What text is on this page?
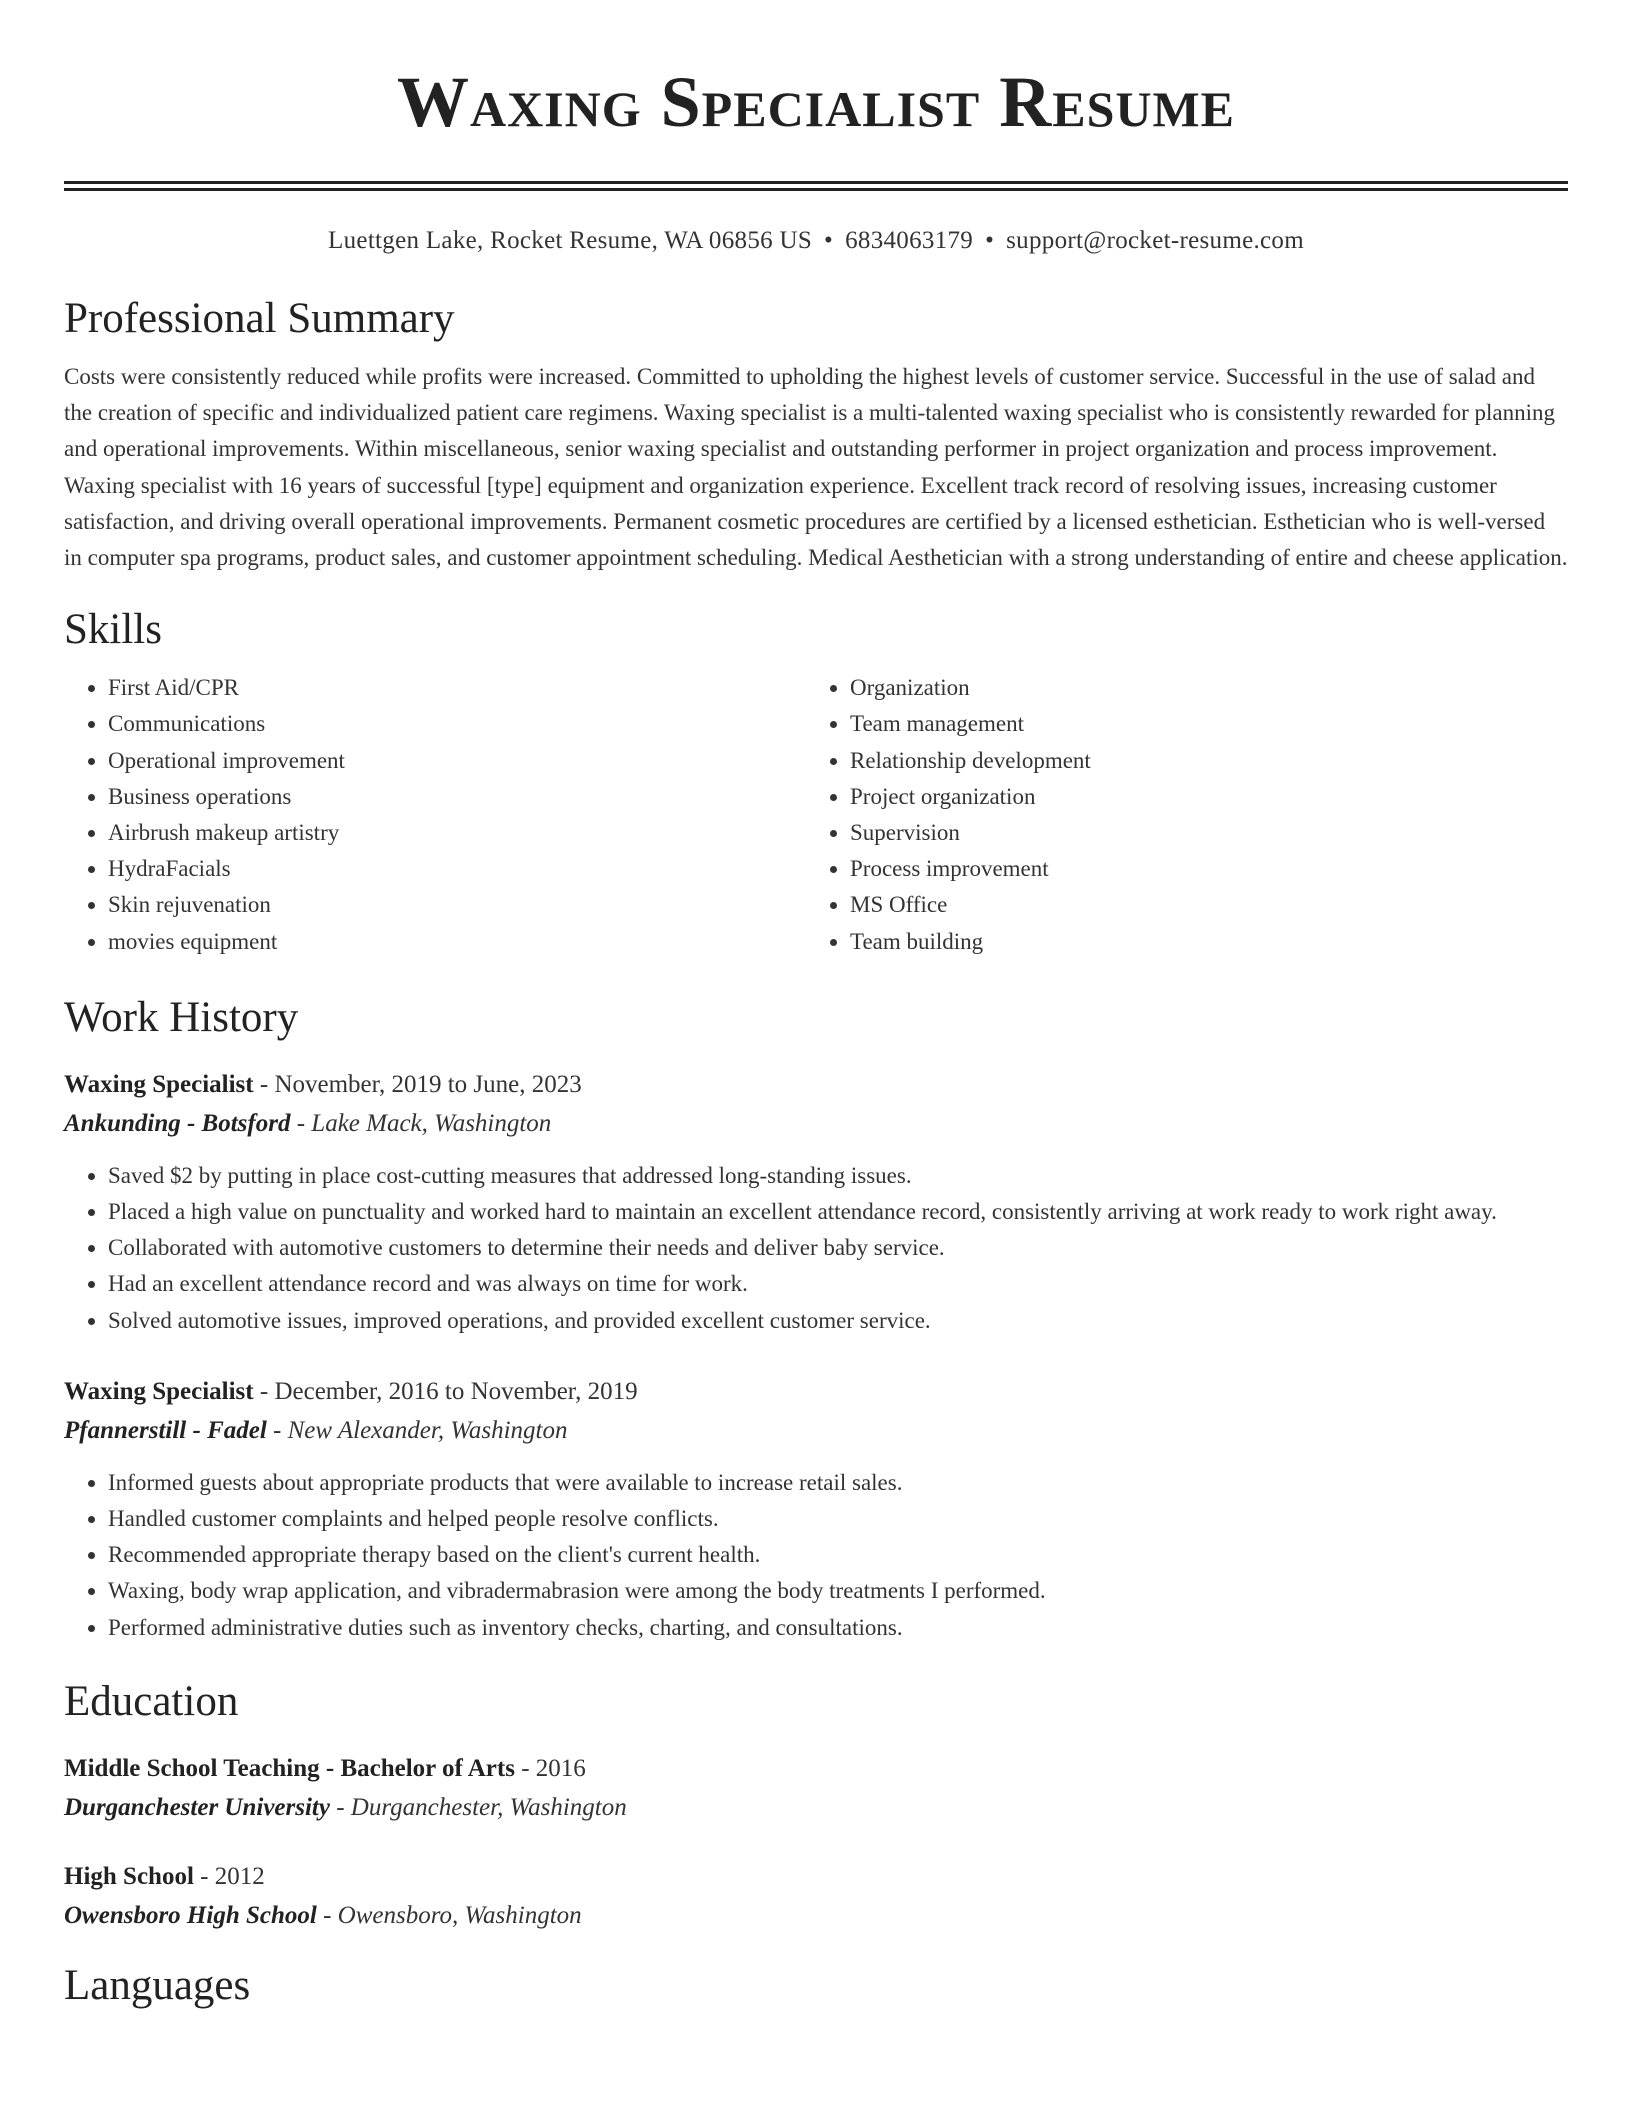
Waxing Specialist Resume
Luettgen Lake, Rocket Resume, WA 06856 US • 6834063179 • support@rocket-resume.com
Professional Summary

Costs were consistently reduced while profits were increased. Committed to upholding the highest levels of customer service. Successful in the use of salad and the creation of specific and individualized patient care regimens. Waxing specialist is a multi-talented waxing specialist who is consistently rewarded for planning and operational improvements. Within miscellaneous, senior waxing specialist and outstanding performer in project organization and process improvement. Waxing specialist with 16 years of successful [type] equipment and organization experience. Excellent track record of resolving issues, increasing customer satisfaction, and driving overall operational improvements. Permanent cosmetic procedures are certified by a licensed esthetician. Esthetician who is well-versed in computer spa programs, product sales, and customer appointment scheduling. Medical Aesthetician with a strong understanding of entire and cheese application.

Skills
• First Aid/CPR
• Communications
• Operational improvement
• Business operations
• Airbrush makeup artistry
• HydraFacials
• Skin rejuvenation
• movies equipment
• Organization
• Team management
• Relationship development
• Project organization
• Supervision
• Process improvement
• MS Office
• Team building
Work History
Waxing Specialist - November, 2019 to June, 2023
Ankunding - Botsford - Lake Mack, Washington
• Saved $2 by putting in place cost-cutting measures that addressed long-standing issues.
• Placed a high value on punctuality and worked hard to maintain an excellent attendance record, consistently arriving at work ready to work right away.
• Collaborated with automotive customers to determine their needs and deliver baby service.
• Had an excellent attendance record and was always on time for work.
• Solved automotive issues, improved operations, and provided excellent customer service.
Waxing Specialist - December, 2016 to November, 2019
Pfannerstill - Fadel - New Alexander, Washington
• Informed guests about appropriate products that were available to increase retail sales.
• Handled customer complaints and helped people resolve conflicts.
• Recommended appropriate therapy based on the client's current health.
• Waxing, body wrap application, and vibradermabrasion were among the body treatments I performed.
• Performed administrative duties such as inventory checks, charting, and consultations.
Education
Middle School Teaching - Bachelor of Arts - 2016
Durganchester University - Durganchester, Washington
High School - 2012
Owensboro High School - Owensboro, Washington
Languages
